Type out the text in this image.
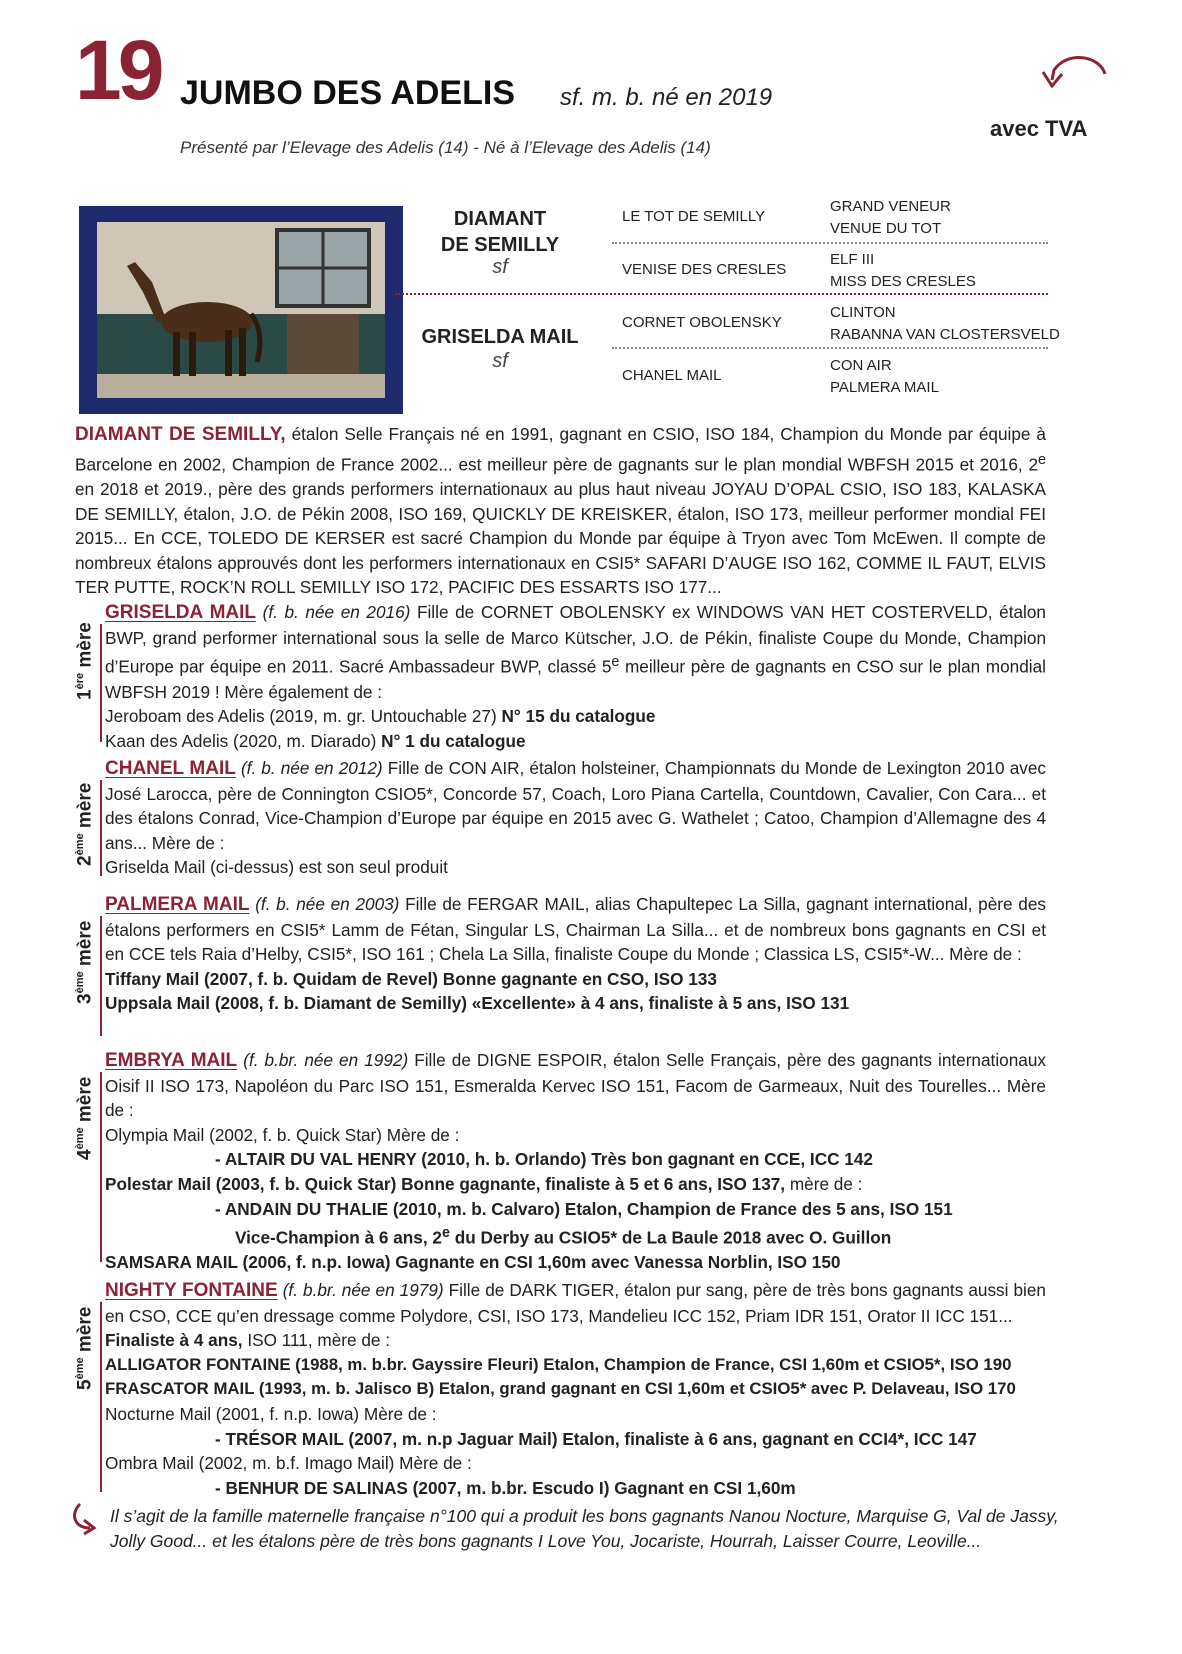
19 JUMBO DES ADELIS sf. m. b. né en 2019
Présenté par l’Elevage des Adelis (14) - Né à l’Elevage des Adelis (14)
avec TVA
DIAMANT
DE SEMILLY
sf
GRISELDA MAIL
sf
LE TOT DE SEMILLY
VENISE DES CRESLES
CORNET OBOLENSKY
CHANEL MAIL
GRAND VENEUR
VENUE DU TOT
ELF III
MISS DES CRESLES
CLINTON
RABANNA VAN CLOSTERSVELD
CON AIR
PALMERA MAIL
DIAMANT DE SEMILLY, étalon Selle Français né en 1991, gagnant en CSIO, ISO 184, Champion du Monde par équipe à Barcelone en 2002, Champion de France 2002... est meilleur père de gagnants sur le plan mondial WBFSH 2015 et 2016, 2e en 2018 et 2019., père des grands performers internationaux au plus haut niveau JOYAU D’OPAL CSIO, ISO 183, KALASKA DE SEMILLY, étalon, J.O. de Pékin 2008, ISO 169, QUICKLY DE KREISKER, étalon, ISO 173, meilleur performer mondial FEI 2015... En CCE, TOLEDO DE KERSER est sacré Champion du Monde par équipe à Tryon avec Tom McEwen. Il compte de nombreux étalons approuvés dont les performers internationaux en CSI5* SAFARI D’AUGE ISO 162, COMME IL FAUT, ELVIS TER PUTTE, ROCK’N ROLL SEMILLY ISO 172, PACIFIC DES ESSARTS ISO 177...
1ère mère
GRISELDA MAIL (f. b. née en 2016) Fille de CORNET OBOLENSKY ex WINDOWS VAN HET COSTERVELD, étalon BWP, grand performer international sous la selle de Marco Kütscher, J.O. de Pékin, finaliste Coupe du Monde, Champion d’Europe par équipe en 2011. Sacré Ambassadeur BWP, classé 5e meilleur père de gagnants en CSO sur le plan mondial WBFSH 2019 ! Mère également de :
Jeroboam des Adelis (2019, m. gr. Untouchable 27) N° 15 du catalogue
Kaan des Adelis (2020, m. Diarado) N° 1 du catalogue
2ème mère
CHANEL MAIL (f. b. née en 2012) Fille de CON AIR, étalon holsteiner, Championnats du Monde de Lexington 2010 avec José Larocca, père de Connington CSIO5*, Concorde 57, Coach, Loro Piana Cartella, Countdown, Cavalier, Con Cara... et des étalons Conrad, Vice-Champion d’Europe par équipe en 2015 avec G. Wathelet ; Catoo, Champion d’Allemagne des 4 ans... Mère de :
Griselda Mail (ci-dessus) est son seul produit
3ème mère
PALMERA MAIL (f. b. née en 2003) Fille de FERGAR MAIL, alias Chapultepec La Silla, gagnant international, père des étalons performers en CSI5* Lamm de Fétan, Singular LS, Chairman La Silla... et de nombreux bons gagnants en CSI et en CCE tels Raia d’Helby, CSI5*, ISO 161 ; Chela La Silla, finaliste Coupe du Monde ; Classica LS, CSI5*-W... Mère de :
Tiffany Mail (2007, f. b. Quidam de Revel) Bonne gagnante en CSO, ISO 133
Uppsala Mail (2008, f. b. Diamant de Semilly) «Excellente» à 4 ans, finaliste à 5 ans, ISO 131
4ème mère
EMBRYA MAIL (f. b.br. née en 1992) Fille de DIGNE ESPOIR, étalon Selle Français, père des gagnants internationaux Oisif II ISO 173, Napoléon du Parc ISO 151, Esmeralda Kervec ISO 151, Facom de Garmeaux, Nuit des Tourelles... Mère de :
Olympia Mail (2002, f. b. Quick Star) Mère de :
- ALTAIR DU VAL HENRY (2010, h. b. Orlando) Très bon gagnant en CCE, ICC 142
Polestar Mail (2003, f. b. Quick Star) Bonne gagnante, finaliste à 5 et 6 ans, ISO 137, mère de :
- ANDAIN DU THALIE (2010, m. b. Calvaro) Etalon, Champion de France des 5 ans, ISO 151
Vice-Champion à 6 ans, 2e du Derby au CSIO5* de La Baule 2018 avec O. Guillon
SAMSARA MAIL (2006, f. n.p. Iowa) Gagnante en CSI 1,60m avec Vanessa Norblin, ISO 150
5ème mère
NIGHTY FONTAINE (f. b.br. née en 1979) Fille de DARK TIGER, étalon pur sang, père de très bons gagnants aussi bien en CSO, CCE qu’en dressage comme Polydore, CSI, ISO 173, Mandelieu ICC 152, Priam IDR 151, Orator II ICC 151...
Finaliste à 4 ans, ISO 111, mère de :
ALLIGATOR FONTAINE (1988, m. b.br. Gayssire Fleuri) Etalon, Champion de France, CSI 1,60m et CSIO5*, ISO 190
FRASCATOR MAIL (1993, m. b. Jalisco B) Etalon, grand gagnant en CSI 1,60m et CSIO5* avec P. Delaveau, ISO 170
Nocturne Mail (2001, f. n.p. Iowa) Mère de :
- TRÉSOR MAIL (2007, m. n.p Jaguar Mail) Etalon, finaliste à 6 ans, gagnant en CCI4*, ICC 147
Ombra Mail (2002, m. b.f. Imago Mail) Mère de :
- BENHUR DE SALINAS (2007, m. b.br. Escudo I) Gagnant en CSI 1,60m
Il s’agit de la famille maternelle française n°100 qui a produit les bons gagnants Nanou Nocture, Marquise G, Val de Jassy, Jolly Good... et les étalons père de très bons gagnants I Love You, Jocariste, Hourrah, Laisser Courre, Leoville...
